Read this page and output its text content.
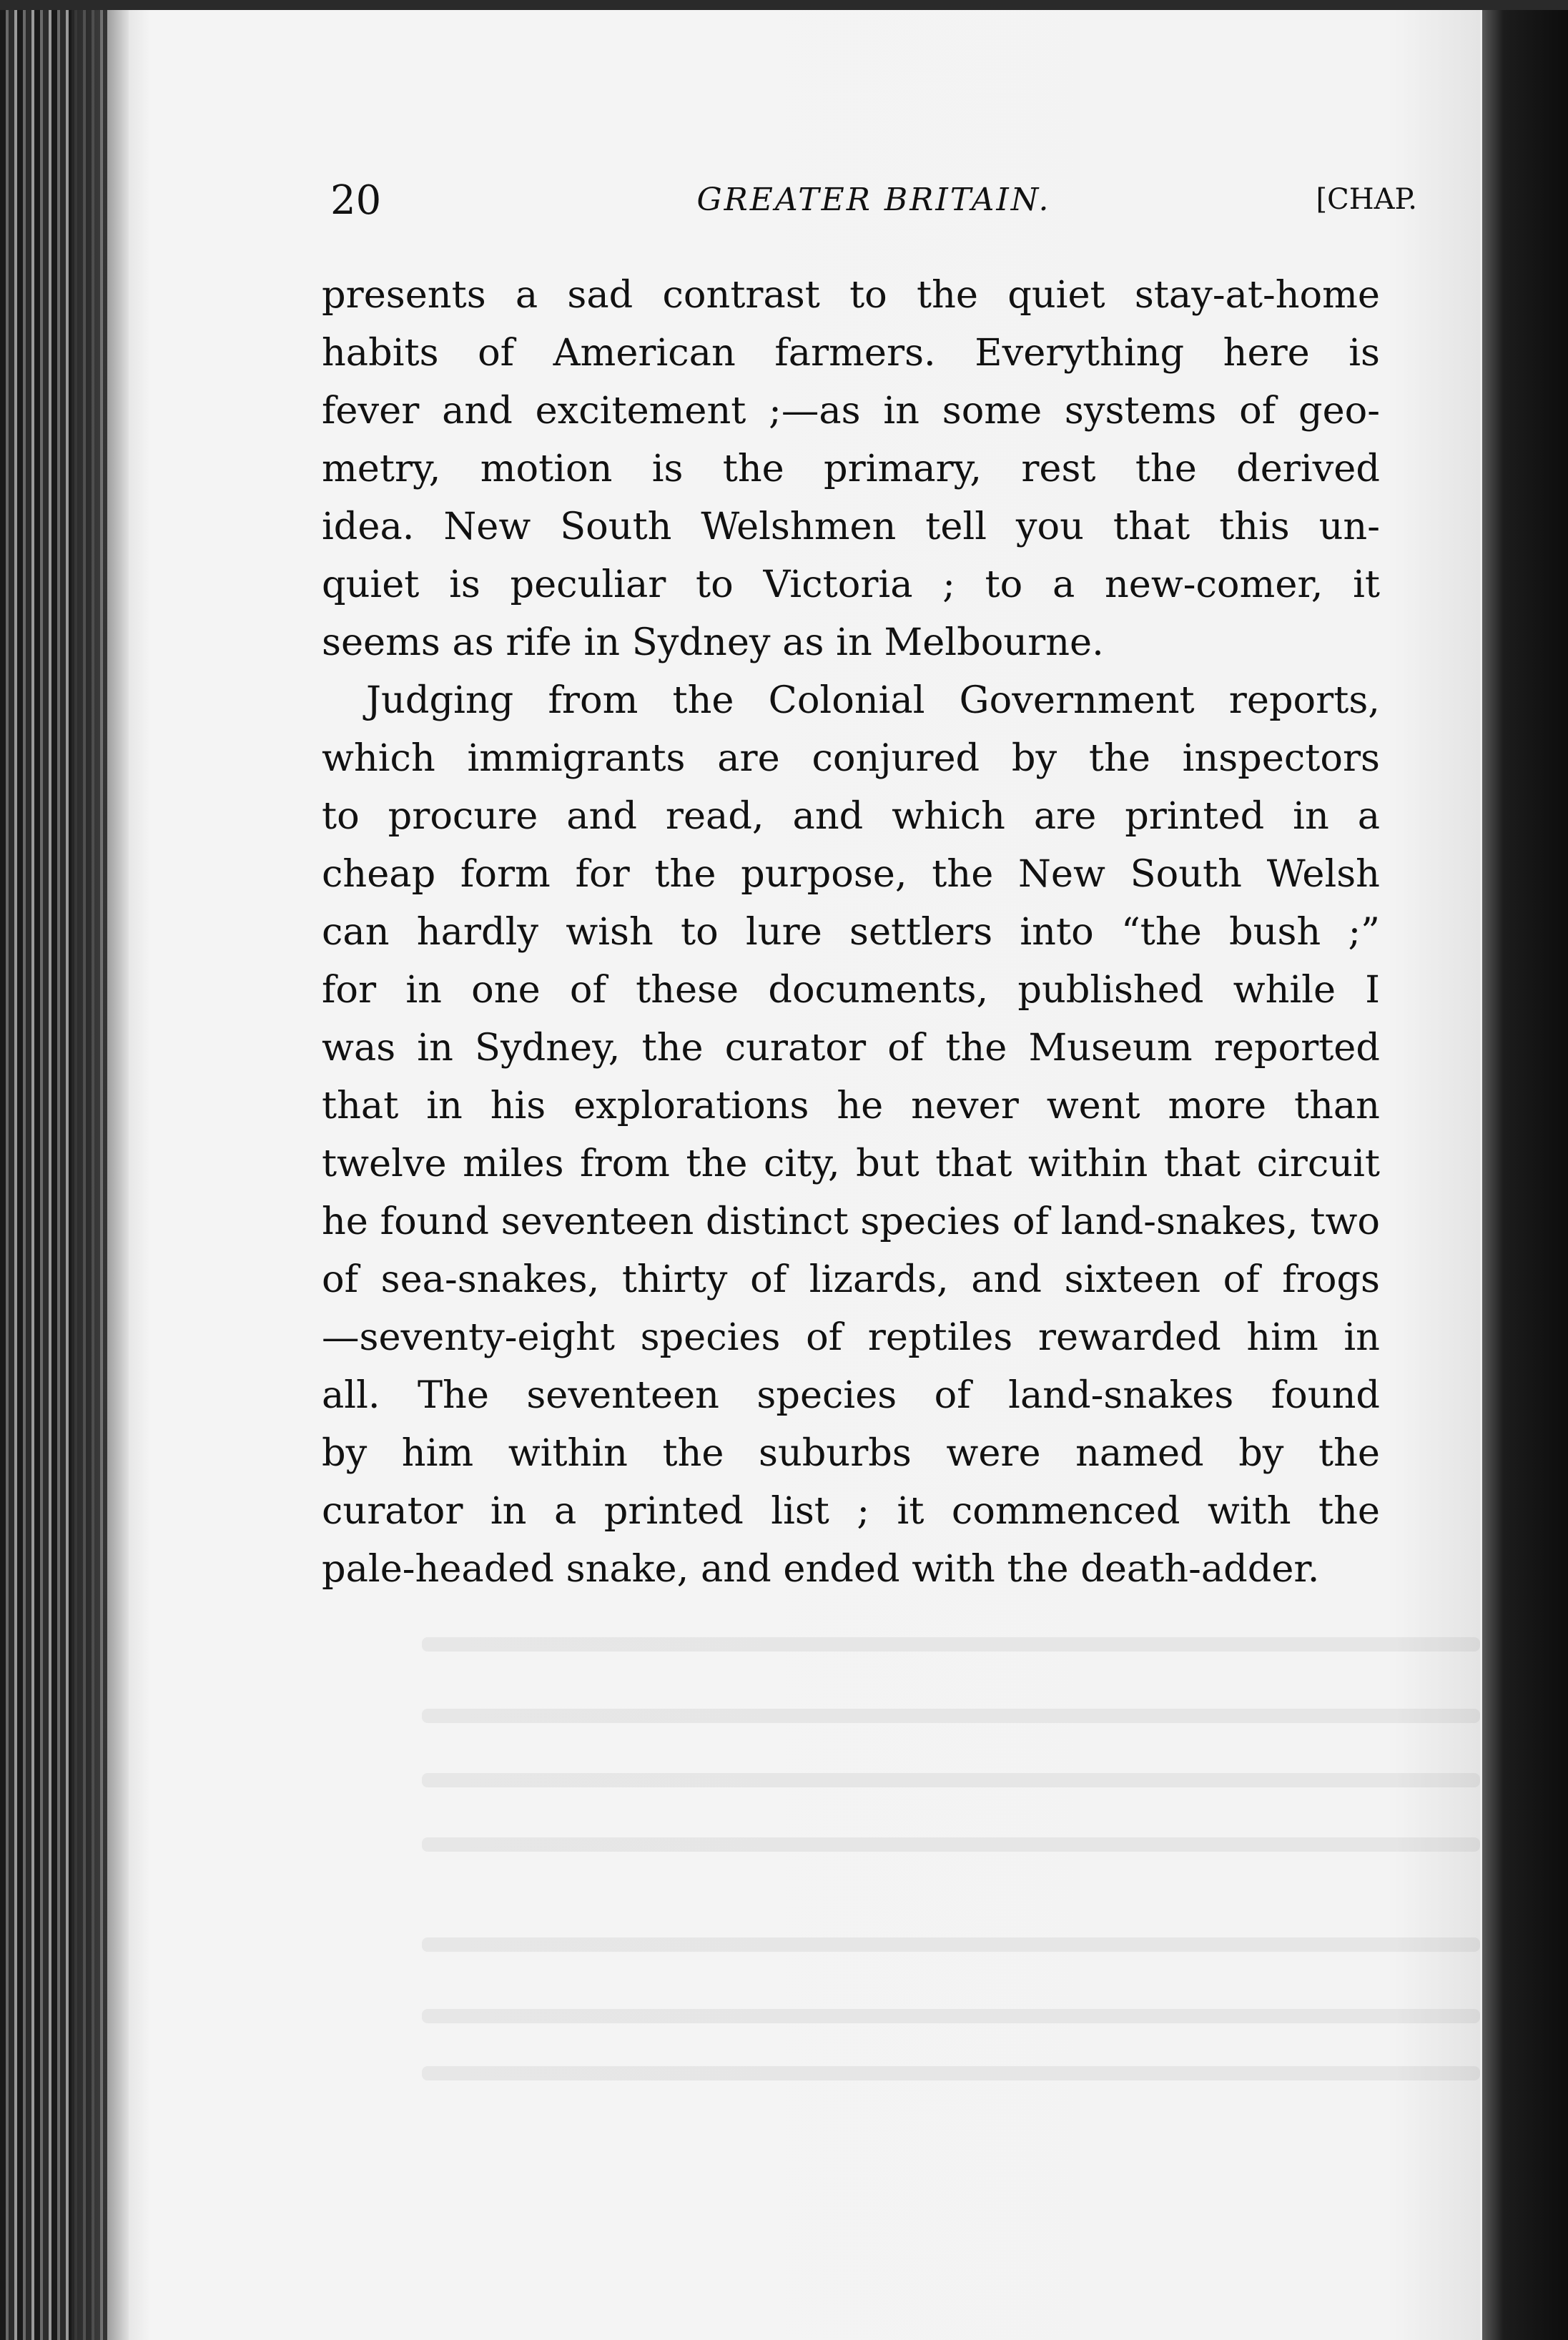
20	GREATER BRITAIN.	[CHAP.
presents a sad contrast to the quiet stay-at-home
habits of American farmers. Everything here is
fever and excitement ;—as in some systems of geo-
metry, motion is the primary, rest the derived
idea. New South Welshmen tell you that this un-
quiet is peculiar to Victoria ; to a new-comer, it
seems as rife in Sydney as in Melbourne.
Judging from the Colonial Government reports,
which immigrants are conjured by the inspectors
to procure and read, and which are printed in a
cheap form for the purpose, the New South Welsh
can hardly wish to lure settlers into “the bush ;”
for in one of these documents, published while I
was in Sydney, the curator of the Museum reported
that in his explorations he never went more than
twelve miles from the city, but that within that circuit
he found seventeen distinct species of land-snakes, two
of sea-snakes, thirty of lizards, and sixteen of frogs
—seventy-eight species of reptiles rewarded him in
all. The seventeen species of land-snakes found
by him within the suburbs were named by the
curator in a printed list ; it commenced with the
pale-headed snake, and ended with the death-adder.
